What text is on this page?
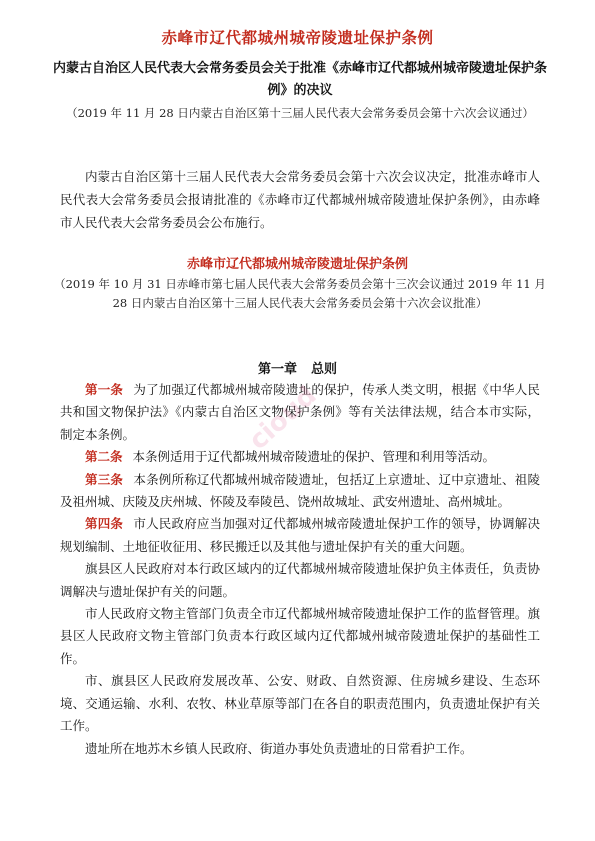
赤峰市辽代都城州城帝陵遗址保护条例
内蒙古自治区人民代表大会常务委员会关于批准《赤峰市辽代都城州城帝陵遗址保护条例》的决议
（2019 年 11 月 28 日内蒙古自治区第十三届人民代表大会常务委员会第十六次会议通过）
内蒙古自治区第十三届人民代表大会常务委员会第十六次会议决定，批准赤峰市人民代表大会常务委员会报请批准的《赤峰市辽代都城州城帝陵遗址保护条例》，由赤峰市人民代表大会常务委员会公布施行。
赤峰市辽代都城州城帝陵遗址保护条例
（2019 年 10 月 31 日赤峰市第七届人民代表大会常务委员会第十三次会议通过 2019 年 11 月 28 日内蒙古自治区第十三届人民代表大会常务委员会第十六次会议批准）
第一章 总则

第一条 为了加强辽代都城州城帝陵遗址的保护，传承人类文明，根据《中华人民共和国文物保护法》《内蒙古自治区文物保护条例》等有关法律法规，结合本市实际，制定本条例。

第二条 本条例适用于辽代都城州城帝陵遗址的保护、管理和利用等活动。

第三条 本条例所称辽代都城州城帝陵遗址，包括辽上京遗址、辽中京遗址、祖陵及祖州城、庆陵及庆州城、怀陵及奉陵邑、饶州故城址、武安州遗址、高州城址。

第四条 市人民政府应当加强对辽代都城州城帝陵遗址保护工作的领导，协调解决规划编制、土地征收征用、移民搬迁以及其他与遗址保护有关的重大问题。

旗县区人民政府对本行政区域内的辽代都城州城帝陵遗址保护负主体责任，负责协调解决与遗址保护有关的问题。

市人民政府文物主管部门负责全市辽代都城州城帝陵遗址保护工作的监督管理。旗县区人民政府文物主管部门负责本行政区域内辽代都城州城帝陵遗址保护的基础性工作。

市、旗县区人民政府发展改革、公安、财政、自然资源、住房城乡建设、生态环境、交通运输、水利、农牧、林业草原等部门在各自的职责范围内，负责遗址保护有关工作。

遗址所在地苏木乡镇人民政府、街道办事处负责遗址的日常看护工作。

cioud
